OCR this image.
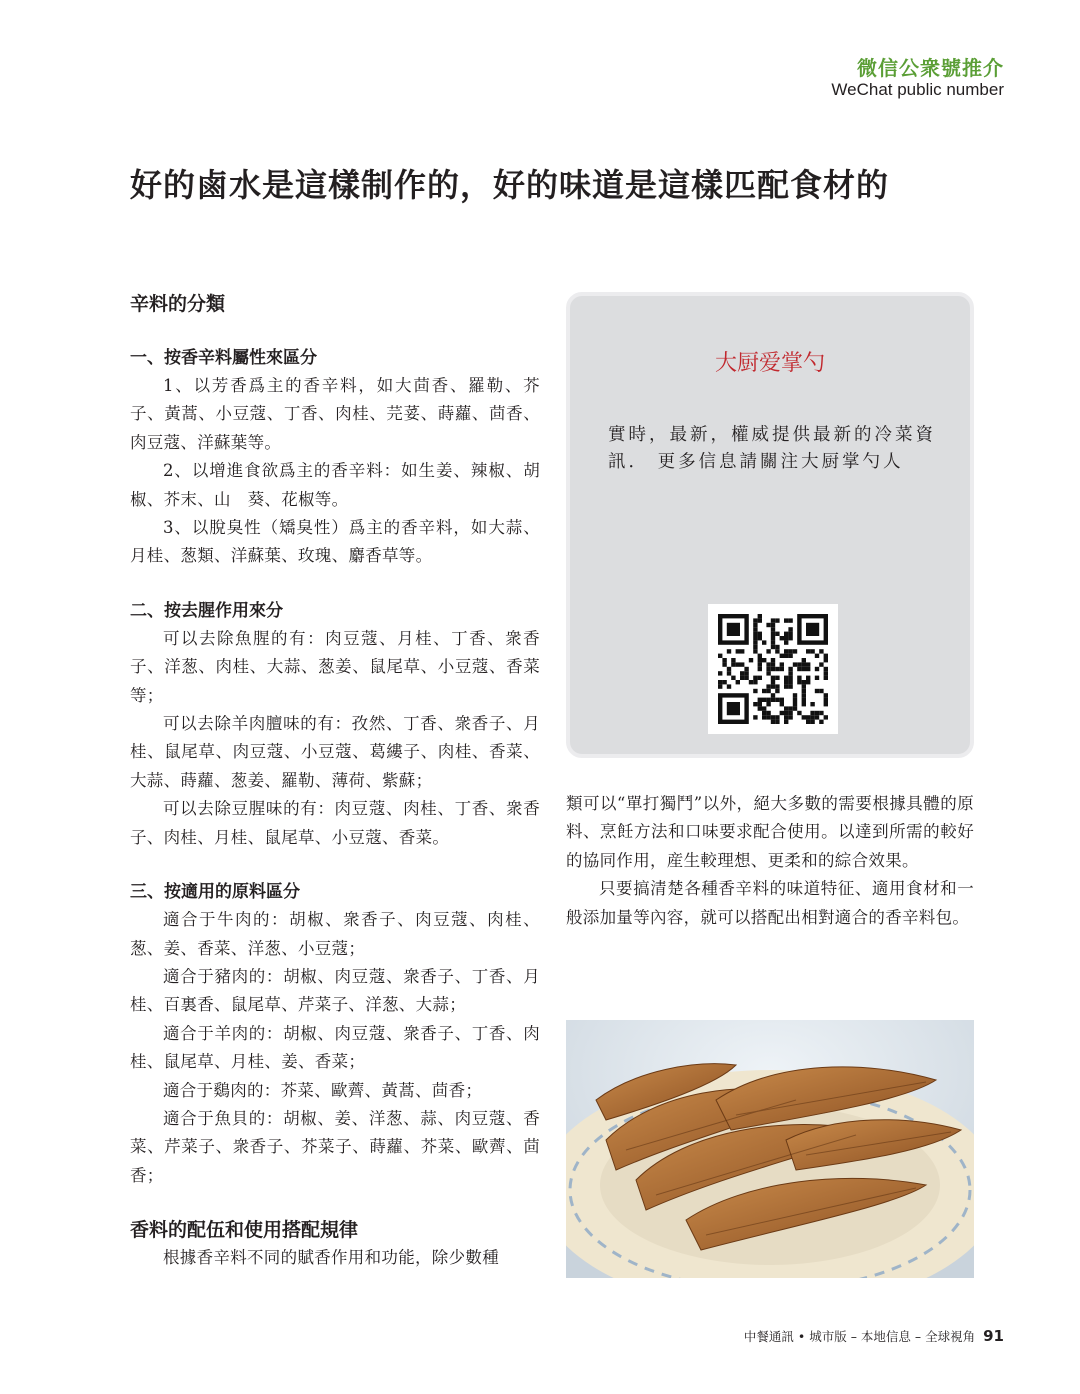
微信公衆號推介
WeChat public number
好的鹵水是這樣制作的，好的味道是這樣匹配食材的
辛料的分類
一、按香辛料屬性來區分

1、以芳香爲主的香辛料，如大茴香、羅勒、芥子、黃蒿、小豆蔻、丁香、肉桂、芫荽、蒔蘿、茴香、肉豆蔻、洋蘇葉等。

2、以增進食欲爲主的香辛料：如生姜、辣椒、胡椒、芥末、山　葵、花椒等。

3、以脫臭性（矯臭性）爲主的香辛料，如大蒜、月桂、葱類、洋蘇葉、玫瑰、麝香草等。

二、按去腥作用來分

可以去除魚腥的有：肉豆蔻、月桂、丁香、衆香子、洋葱、肉桂、大蒜、葱姜、鼠尾草、小豆蔻、香菜等；

可以去除羊肉膻味的有：孜然、丁香、衆香子、月桂、鼠尾草、肉豆蔻、小豆蔻、葛縷子、肉桂、香菜、大蒜、蒔蘿、葱姜、羅勒、薄荷、紫蘇；

可以去除豆腥味的有：肉豆蔻、肉桂、丁香、衆香子、肉桂、月桂、鼠尾草、小豆蔻、香菜。

三、按適用的原料區分

適合于牛肉的：胡椒、衆香子、肉豆蔻、肉桂、葱、姜、香菜、洋葱、小豆蔻；

適合于豬肉的：胡椒、肉豆蔻、衆香子、丁香、月桂、百裏香、鼠尾草、芹菜子、洋葱、大蒜；

適合于羊肉的：胡椒、肉豆蔻、衆香子、丁香、肉桂、鼠尾草、月桂、姜、香菜；

適合于鷄肉的：芥菜、歐薺、黃蒿、茴香；

適合于魚貝的：胡椒、姜、洋葱、蒜、肉豆蔻、香菜、芹菜子、衆香子、芥菜子、蒔蘿、芥菜、歐薺、茴香；

香料的配伍和使用搭配規律

根據香辛料不同的賦香作用和功能，除少數種

大厨爱掌勺
實時，最新，權威提供最新的冷菜資訊． 更多信息請關注大厨掌勺人

類可以“單打獨鬥”以外，絕大多數的需要根據具體的原料、烹飪方法和口味要求配合使用。以達到所需的較好的協同作用，産生較理想、更柔和的綜合效果。

只要搞清楚各種香辛料的味道特征、適用食材和一般添加量等內容，就可以搭配出相對適合的香辛料包。

中餐通訊 • 城市版 – 本地信息 – 全球視角 91
